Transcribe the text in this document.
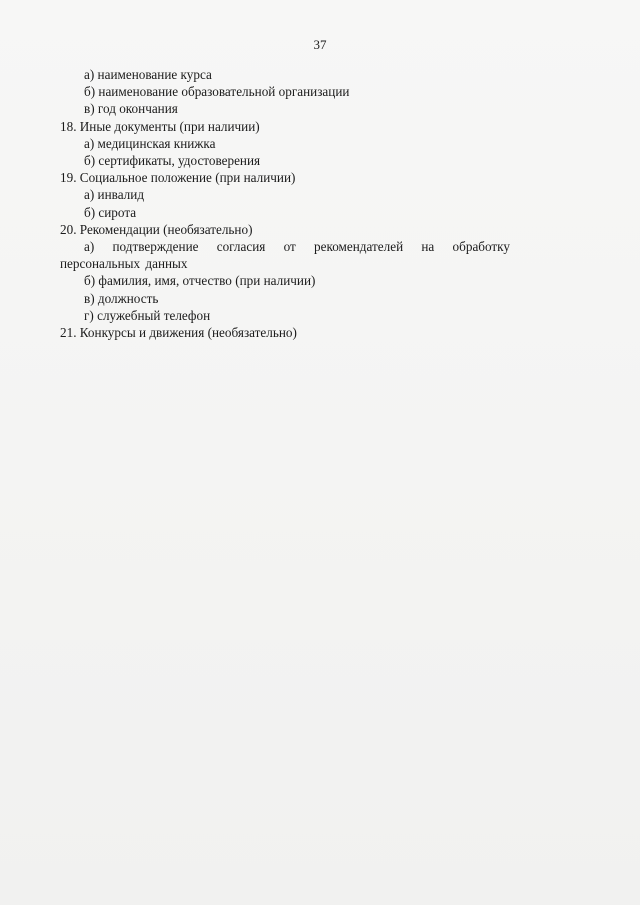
37
а) наименование курса
б) наименование образовательной организации
в) год окончания
18. Иные документы (при наличии)
а) медицинская книжка
б) сертификаты, удостоверения
19. Социальное положение (при наличии)
а) инвалид
б) сирота
20. Рекомендации (необязательно)
а) подтверждение согласия от рекомендателей на обработку персональных данных
б) фамилия, имя, отчество (при наличии)
в) должность
г) служебный телефон
21. Конкурсы и движения (необязательно)
